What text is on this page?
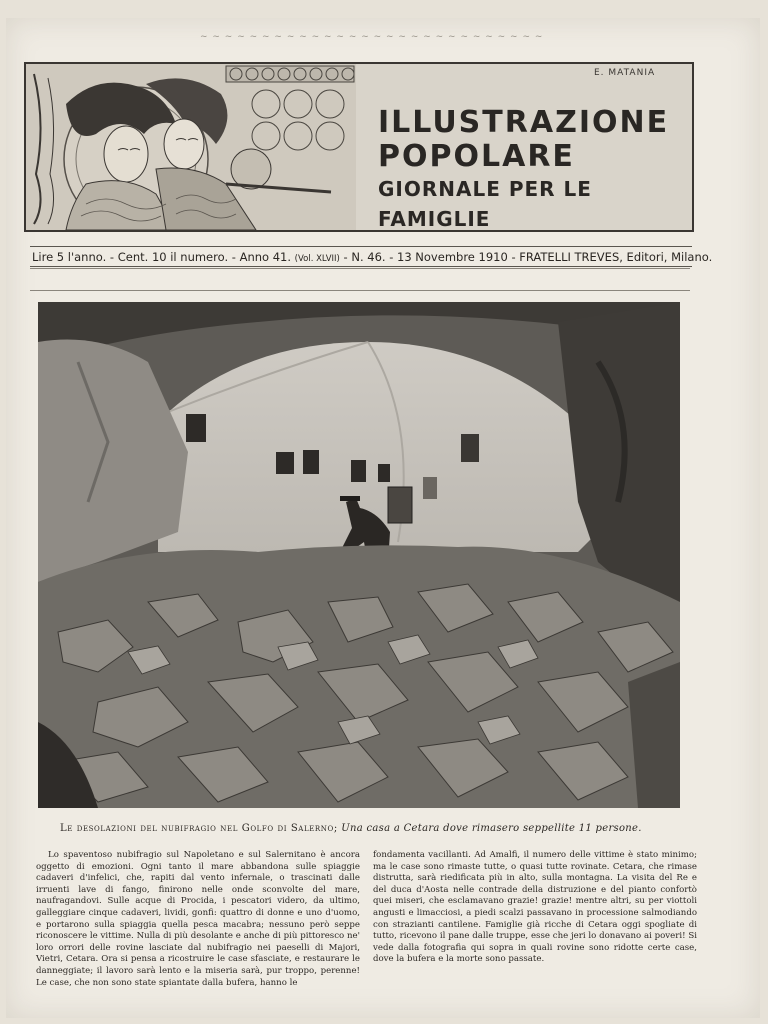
~ ~ ~ ~ ~ ~ ~ ~ ~ ~ ~ ~ ~ ~ ~ ~ ~ ~ ~ ~ ~ ~ ~ ~ ~ ~ ~ ~
E. MATANIA
ILLUSTRAZIONE
POPOLARE
GIORNALE PER LE FAMIGLIE
Lire 5 l'anno. - Cent. 10 il numero. - Anno 41. (Vol. XLVII) - N. 46. - 13 Novembre 1910 - FRATELLI TREVES, Editori, Milano.
Le desolazioni del nubifragio nel Golfo di Salerno; Una casa a Cetara dove rimasero seppellite 11 persone.
Lo spaventoso nubifragio sul Napoletano e sul Salernitano è ancora oggetto di emozioni. Ogni tanto il mare abbandona sulle spiaggie cadaveri d'infelici, che, rapiti dal vento infernale, o trascinati dalle irruenti lave di fango, finirono nelle onde sconvolte del mare, naufragandovi. Sulle acque di Procida, i pescatori videro, da ultimo, galleggiare cinque cadaveri, lividi, gonfi: quattro di donne e uno d'uomo, e portarono sulla spiaggia quella pesca macabra; nessuno però seppe riconoscere le vittime. Nulla di più desolante e anche di più pittoresco ne' loro orrori delle rovine lasciate dal nubifragio nei paeselli di Majori, Vietri, Cetara. Ora si pensa a ricostruire le case sfasciate, e restaurare le danneggiate; il lavoro sarà lento e la miseria sarà, pur troppo, perenne! Le case, che non sono state spiantate dalla bufera, hanno le
fondamenta vacillanti. Ad Amalfi, il numero delle vittime è stato minimo; ma le case sono rimaste tutte, o quasi tutte rovinate. Cetara, che rimase distrutta, sarà riedificata più in alto, sulla montagna. La visita del Re e del duca d'Aosta nelle contrade della distruzione e del pianto confortò quei miseri, che esclamavano grazie! grazie! mentre altri, su per viottoli angusti e limacciosi, a piedi scalzi passavano in processione salmodiando con strazianti cantilene. Famiglie già ricche di Cetara oggi spogliate di tutto, ricevono il pane dalle truppe, esse che jeri lo donavano ai poveri! Si vede dalla fotografia qui sopra in quali rovine sono ridotte certe case, dove la bufera e la morte sono passate.
